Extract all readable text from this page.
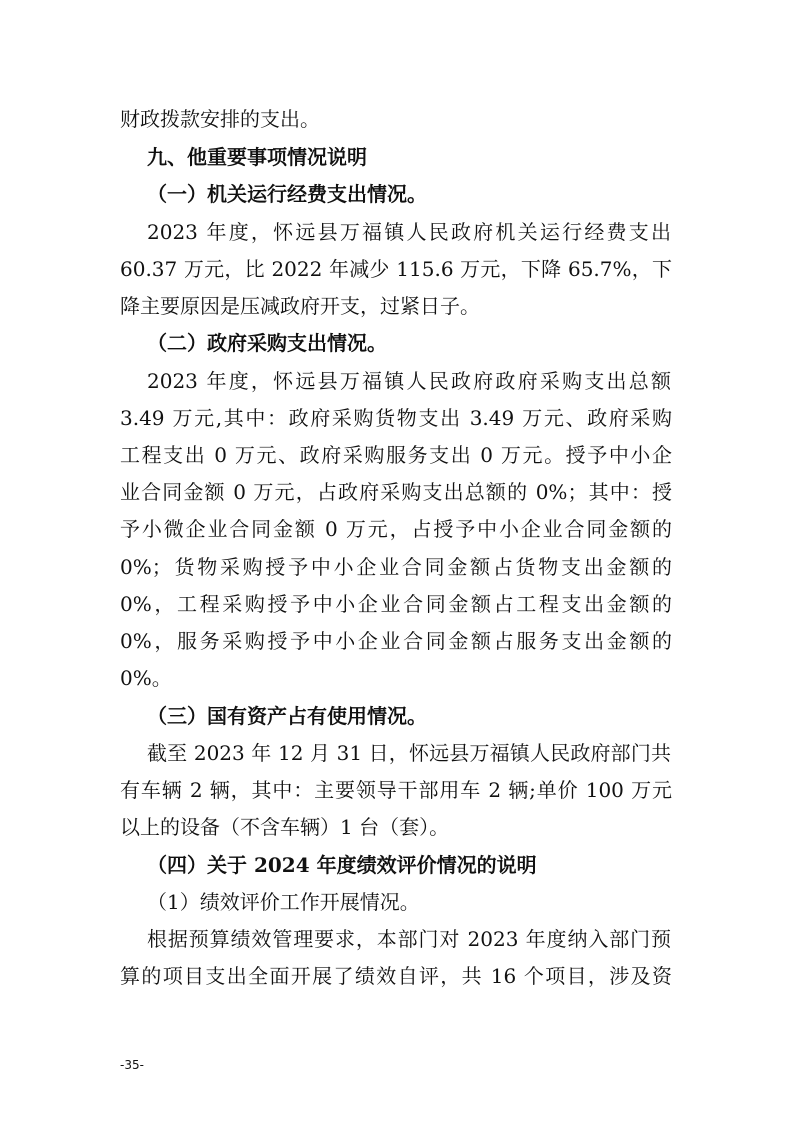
财政拨款安排的支出。
九、他重要事项情况说明
（一）机关运行经费支出情况。
2023 年度，怀远县万福镇人民政府机关运行经费支出
60.37 万元，比 2022 年减少 115.6 万元，下降 65.7%，下
降主要原因是压减政府开支，过紧日子。
（二）政府采购支出情况。
2023 年度，怀远县万福镇人民政府政府采购支出总额
3.49 万元,其中：政府采购货物支出 3.49 万元、政府采购
工程支出 0 万元、政府采购服务支出 0 万元。授予中小企
业合同金额 0 万元，占政府采购支出总额的 0%；其中：授
予小微企业合同金额 0 万元，占授予中小企业合同金额的
0%；货物采购授予中小企业合同金额占货物支出金额的
0%，工程采购授予中小企业合同金额占工程支出金额的
0%，服务采购授予中小企业合同金额占服务支出金额的
0%。
（三）国有资产占有使用情况。
截至 2023 年 12 月 31 日，怀远县万福镇人民政府部门共
有车辆 2 辆，其中：主要领导干部用车 2 辆;单价 100 万元
以上的设备（不含车辆）1 台（套）。
（四）关于 2024 年度绩效评价情况的说明
（1）绩效评价工作开展情况。
根据预算绩效管理要求，本部门对 2023 年度纳入部门预
算的项目支出全面开展了绩效自评，共 16 个项目，涉及资
-35-
